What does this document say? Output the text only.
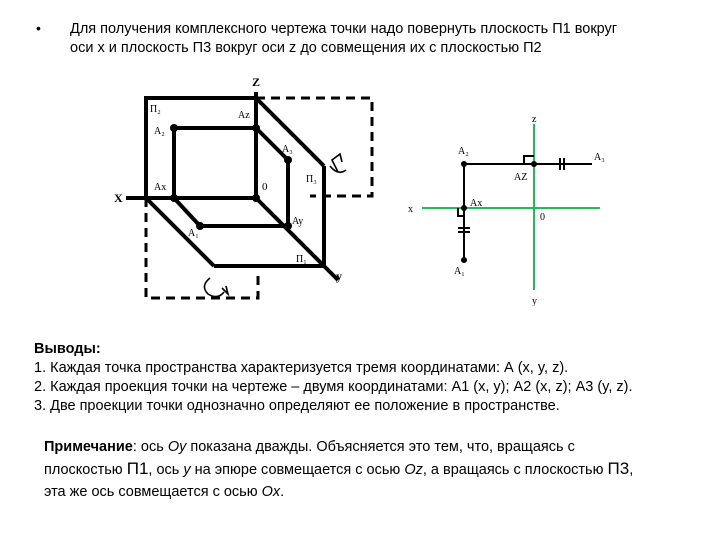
• Для получения комплексного чертежа точки надо повернуть плоскость П1 вокруг
оси x и плоскость П3 вокруг оси z до совмещения их с плоскостью П2
Z
X
у
0
П₂
П₃
П₁
A₂
Az
A₃
Ax
A₁
Ay
z
x
у
0
A₂
AZ
A₃
Ax
A₁
Выводы:
1. Каждая точка пространства характеризуется тремя координатами: А (x, y, z).
2. Каждая проекция точки на чертеже – двумя координатами: А1 (x, y); А2 (x, z); А3 (y, z).
3. Две проекции точки однозначно определяют ее положение в пространстве.
Примечание: ось Oy показана дважды. Объясняется это тем, что, вращаясь с плоскостью П1, ось y на эпюре совмещается с осью Oz, а вращаясь с плоскостью П3, эта же ось совмещается с осью Ox.
